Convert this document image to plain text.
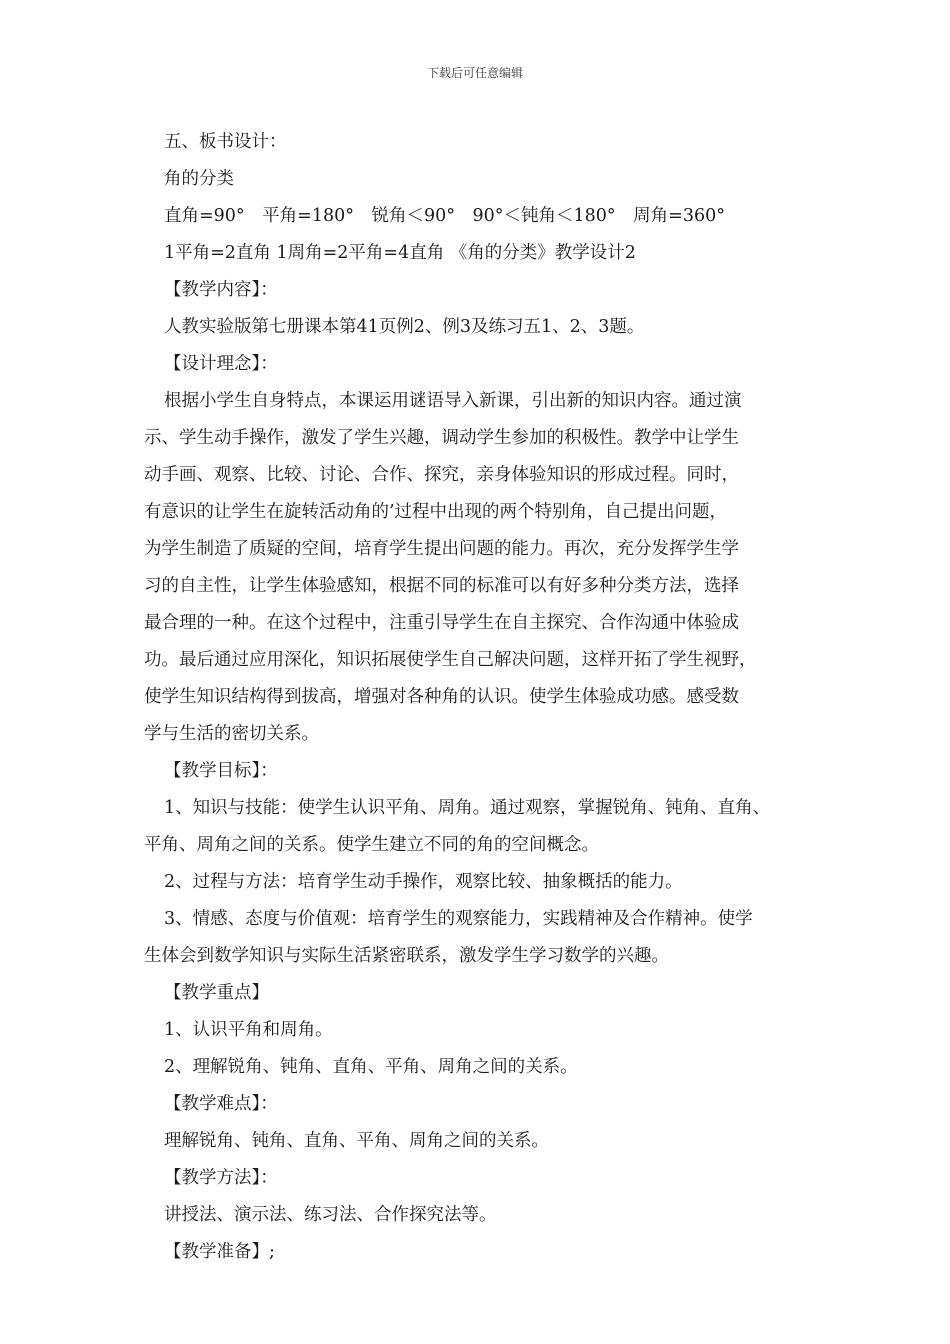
下载后可任意编辑

五、板书设计：

角的分类

直角=90°　平角=180°　锐角＜90°　90°＜钝角＜180°　周角=360°

1平角=2直角 1周角=2平角=4直角 《角的分类》教学设计2

【教学内容】：

人教实验版第七册课本第41页例2、例3及练习五1、2、3题。

【设计理念】：

根据小学生自身特点，本课运用谜语导入新课，引出新的知识内容。通过演

示、学生动手操作，激发了学生兴趣，调动学生参加的积极性。教学中让学生

动手画、观察、比较、讨论、合作、探究，亲身体验知识的形成过程。同时，

有意识的让学生在旋转活动角的’过程中出现的两个特别角，自己提出问题，

为学生制造了质疑的空间，培育学生提出问题的能力。再次，充分发挥学生学

习的自主性，让学生体验感知，根据不同的标准可以有好多种分类方法，选择

最合理的一种。在这个过程中，注重引导学生在自主探究、合作沟通中体验成

功。最后通过应用深化，知识拓展使学生自己解决问题，这样开拓了学生视野，

使学生知识结构得到拔高，增强对各种角的认识。使学生体验成功感。感受数

学与生活的密切关系。

【教学目标】：

1、知识与技能：使学生认识平角、周角。通过观察，掌握锐角、钝角、直角、

平角、周角之间的关系。使学生建立不同的角的空间概念。

2、过程与方法：培育学生动手操作，观察比较、抽象概括的能力。

3、情感、态度与价值观：培育学生的观察能力，实践精神及合作精神。使学

生体会到数学知识与实际生活紧密联系，激发学生学习数学的兴趣。

【教学重点】

1、认识平角和周角。

2、理解锐角、钝角、直角、平角、周角之间的关系。

【教学难点】：

理解锐角、钝角、直角、平角、周角之间的关系。

【教学方法】：

讲授法、演示法、练习法、合作探究法等。

【教学准备】;
